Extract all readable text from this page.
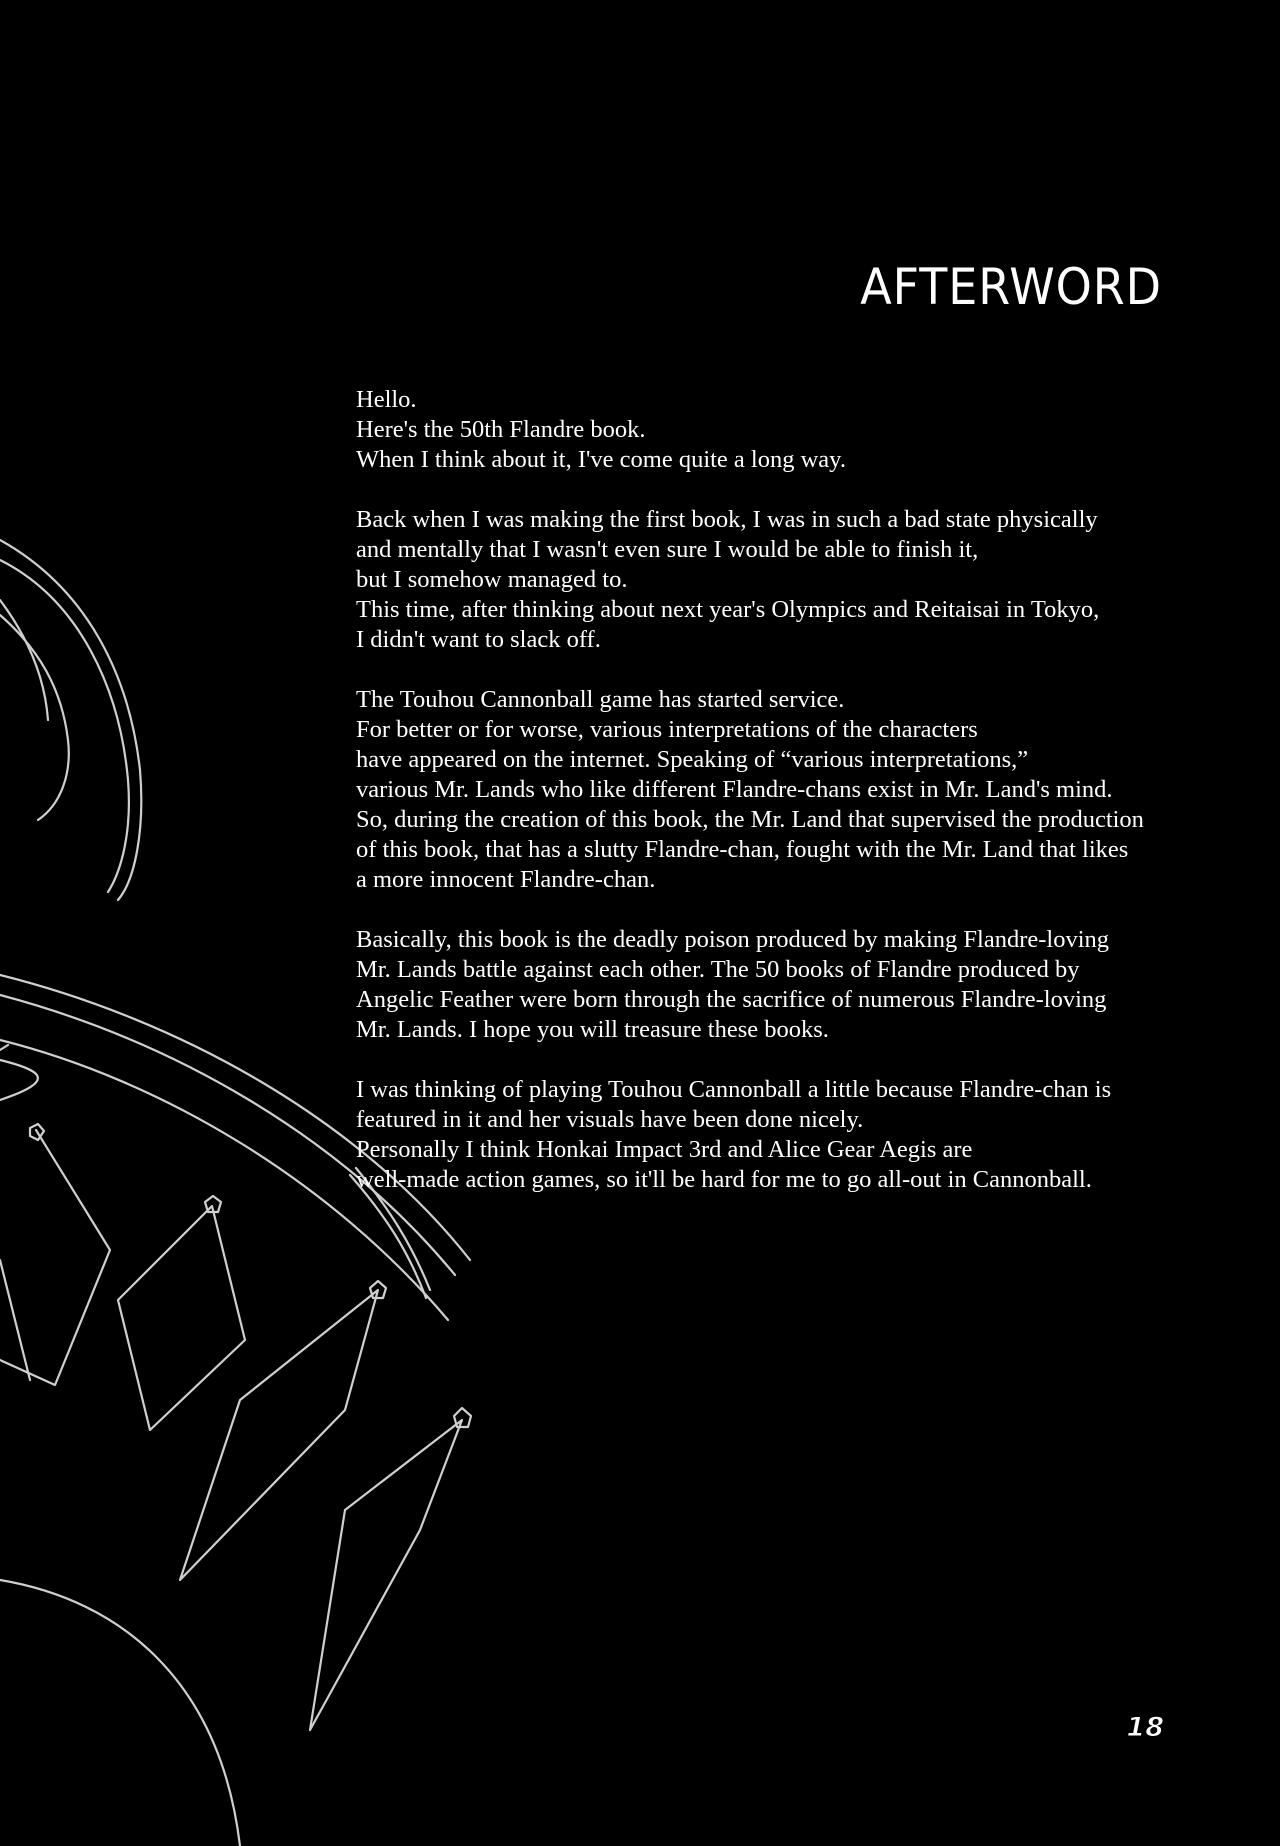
AFTERWORD

Hello.
Here's the 50th Flandre book.
When I think about it, I've come quite a long way.

Back when I was making the first book, I was in such a bad state physically
and mentally that I wasn't even sure I would be able to finish it,
but I somehow managed to.
This time, after thinking about next year's Olympics and Reitaisai in Tokyo,
I didn't want to slack off.

The Touhou Cannonball game has started service.
For better or for worse, various interpretations of the characters
have appeared on the internet. Speaking of “various interpretations,”
various Mr. Lands who like different Flandre-chans exist in Mr. Land's mind.
So, during the creation of this book, the Mr. Land that supervised the production
of this book, that has a slutty Flandre-chan, fought with the Mr. Land that likes
a more innocent Flandre-chan.

Basically, this book is the deadly poison produced by making Flandre-loving
Mr. Lands battle against each other. The 50 books of Flandre produced by
Angelic Feather were born through the sacrifice of numerous Flandre-loving
Mr. Lands. I hope you will treasure these books.

I was thinking of playing Touhou Cannonball a little because Flandre-chan is
featured in it and her visuals have been done nicely.
Personally I think Honkai Impact 3rd and Alice Gear Aegis are
well-made action games, so it'll be hard for me to go all-out in Cannonball.

18
